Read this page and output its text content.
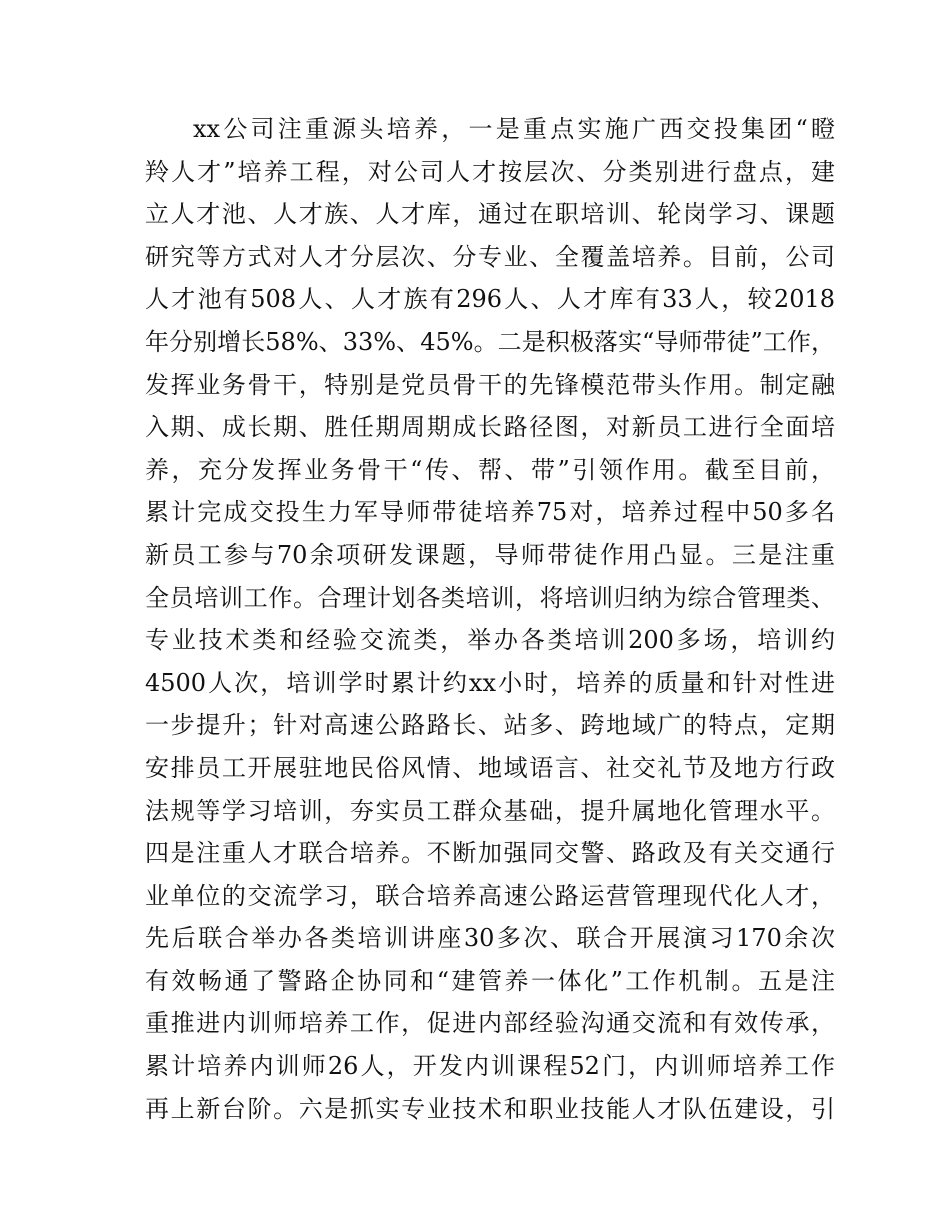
xx公司注重源头培养，一是重点实施广西交投集团“瞪
羚人才”培养工程，对公司人才按层次、分类别进行盘点，建
立人才池、人才族、人才库，通过在职培训、轮岗学习、课题
研究等方式对人才分层次、分专业、全覆盖培养。目前，公司
人才池有508人、人才族有296人、人才库有33人，较2018
年分别增长58%、33%、45%。二是积极落实“导师带徒”工作，
发挥业务骨干，特别是党员骨干的先锋模范带头作用。制定融
入期、成长期、胜任期周期成长路径图，对新员工进行全面培
养，充分发挥业务骨干“传、帮、带”引领作用。截至目前，
累计完成交投生力军导师带徒培养75对，培养过程中50多名
新员工参与70余项研发课题，导师带徒作用凸显。三是注重
全员培训工作。合理计划各类培训，将培训归纳为综合管理类、
专业技术类和经验交流类，举办各类培训200多场，培训约
4500人次，培训学时累计约xx小时，培养的质量和针对性进
一步提升；针对高速公路路长、站多、跨地域广的特点，定期
安排员工开展驻地民俗风情、地域语言、社交礼节及地方行政
法规等学习培训，夯实员工群众基础，提升属地化管理水平。
四是注重人才联合培养。不断加强同交警、路政及有关交通行
业单位的交流学习，联合培养高速公路运营管理现代化人才，
先后联合举办各类培训讲座30多次、联合开展演习170余次
有效畅通了警路企协同和“建管养一体化”工作机制。五是注
重推进内训师培养工作，促进内部经验沟通交流和有效传承，
累计培养内训师26人，开发内训课程52门，内训师培养工作
再上新台阶。六是抓实专业技术和职业技能人才队伍建设，引
